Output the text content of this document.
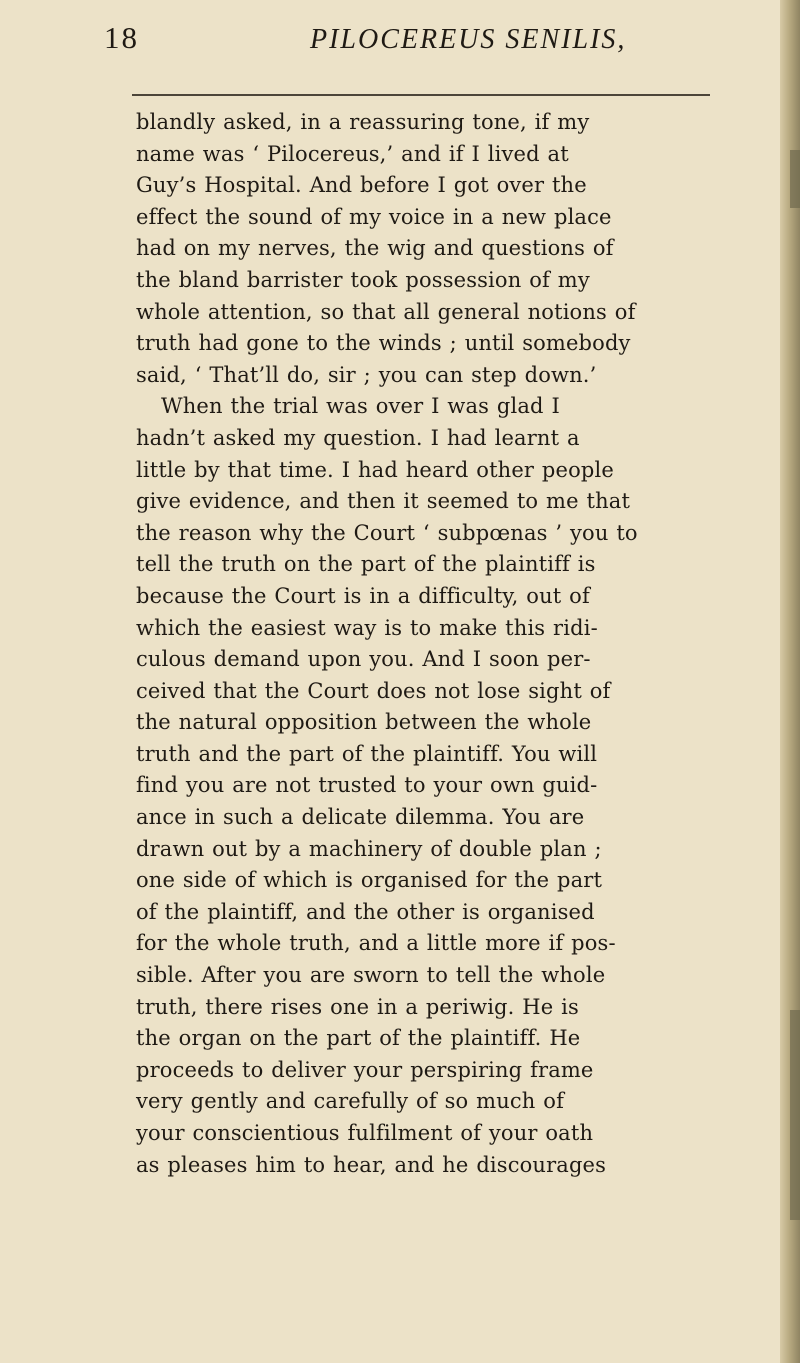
18	PILOCEREUS SENILIS,
blandly asked, in a reassuring tone, if my
name was ‘ Pilocereus,’ and if I lived at
Guy’s Hospital. And before I got over the
effect the sound of my voice in a new place
had on my nerves, the wig and questions of
the bland barrister took possession of my
whole attention, so that all general notions of
truth had gone to the winds ; until somebody
said, ‘ That’ll do, sir ; you can step down.’
When the trial was over I was glad I
hadn’t asked my question. I had learnt a
little by that time. I had heard other people
give evidence, and then it seemed to me that
the reason why the Court ‘ subpœnas ’ you to
tell the truth on the part of the plaintiff is
because the Court is in a difficulty, out of
which the easiest way is to make this ridi-
culous demand upon you. And I soon per-
ceived that the Court does not lose sight of
the natural opposition between the whole
truth and the part of the plaintiff. You will
find you are not trusted to your own guid-
ance in such a delicate dilemma. You are
drawn out by a machinery of double plan ;
one side of which is organised for the part
of the plaintiff, and the other is organised
for the whole truth, and a little more if pos-
sible. After you are sworn to tell the whole
truth, there rises one in a periwig. He is
the organ on the part of the plaintiff. He
proceeds to deliver your perspiring frame
very gently and carefully of so much of
your conscientious fulfilment of your oath
as pleases him to hear, and he discourages
